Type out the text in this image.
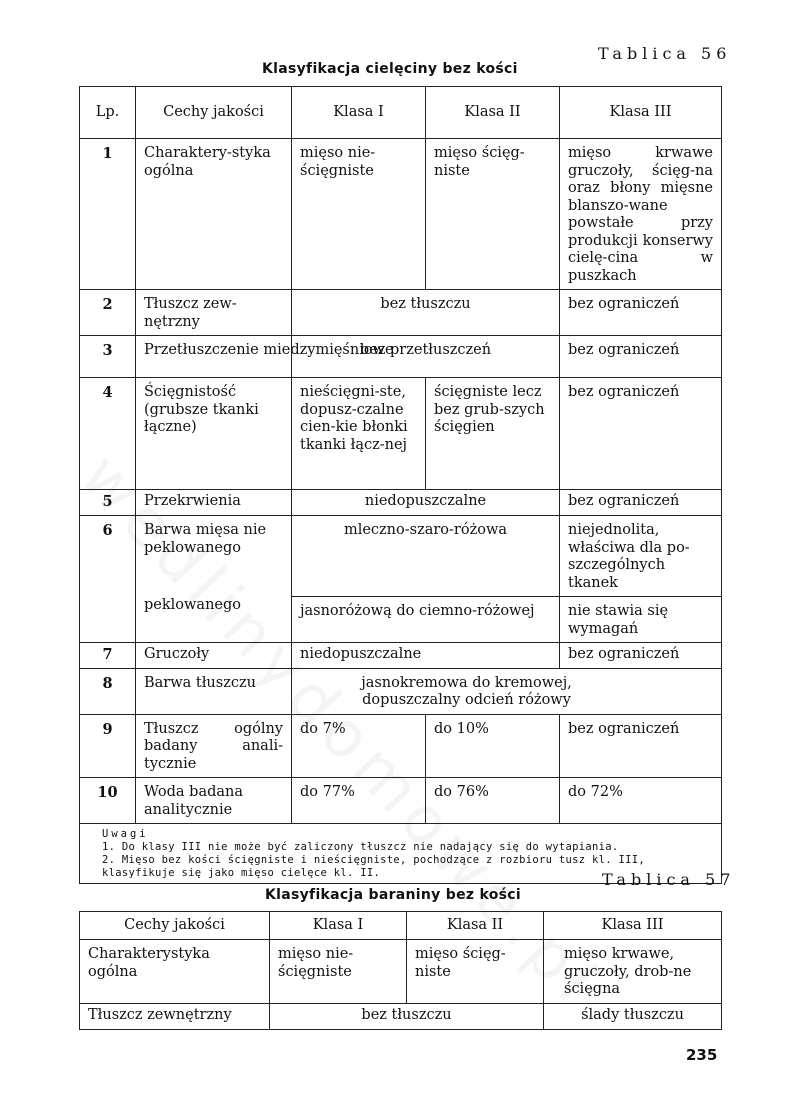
Tablica 56
Klasyfikacja cielęciny bez kości
Lp.	Cechy jakości	Klasa I	Klasa II	Klasa III
1	Charaktery-styka ogólna	mięso nie-ścięgniste	mięso ścięg-niste	mięso krwawe gruczoły, ścięg-na oraz błony mięsne blanszo-wane powstałe przy produkcji konserwy cielę-cina w puszkach
2	Tłuszcz zew-nętrzny	bez tłuszczu		bez ograniczeń
3	Przetłuszczenie miedzymięśniowe	bez przetłuszczeń		bez ograniczeń
4	Ścięgnistość (grubsze tkanki łączne)	nieścięgni-ste, dopusz-czalne cien-kie błonki tkanki łącz-nej	ścięgniste lecz bez grub-szych ścięgien	bez ograniczeń
5	Przekrwienia	niedopuszczalne		bez ograniczeń
6	Barwa mięsa nie peklowanego	mleczno-szaro-różowa		niejednolita, właściwa dla po-szczególnych tkanek
	peklowanego	jasnoróżową do ciemno-różowej		nie stawia się wymagań
7	Gruczoły	niedopuszczalne		bez ograniczeń
8	Barwa tłuszczu	jasnokremowa do kremowej, dopuszczalny odcień różowy		
9	Tłuszcz ogólny badany anali-tycznie	do 7%	do 10%	bez ograniczeń
10	Woda badana analitycznie	do 77%	do 76%	do 72%

Uwagi
1. Do klasy III nie może być zaliczony tłuszcz nie nadający się do wytapiania.
2. Mięso bez kości ścięgniste i nieścięgniste, pochodzące z rozbioru tusz kl. III,
klasyfikuje się jako mięso cielęce kl. II.					Tablica 57
Klasyfikacja baraniny bez kości
Cechy jakości	Klasa I	Klasa II	Klasa III
Charakterystyka ogólna	mięso nie-ścięgniste	mięso ścięg-niste	mięso krwawe, gruczoły, drob-ne ścięgna
Tłuszcz zewnętrzny	bez tłuszczu		ślady tłuszczu
235
